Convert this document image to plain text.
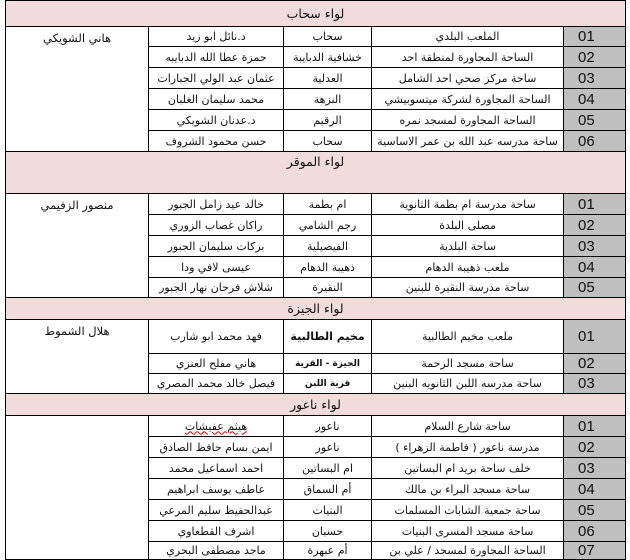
لواء سحاب				
01	الملعب البلدي	سحاب	د.نائل ابو زيد	هاني الشويكي
02	الساحة المجاورة لمنطقة احد	خشافية الدبايبة	حمزة عطا الله الدبايبه	
03	ساحة مركز صحي احد الشامل	العدلية	عثمان عبد الولي الجبارات	
04	الساحة المجاورة لشركة ميتسوبيشي	النزهة	محمد سليمان الغلبان	
05	الساحة المجاورة لمسجد نمره	الرقيم	د.عدنان الشويكي	
06	ساحة مدرسه عبد الله بن عمر الاساسية	سحاب	حسن محمود الشروف	
لواء الموقر				
01	ساحة مدرسة ام بطمة الثانوية	ام بطمة	خالد عيد زامل الجبور	منصور الزفيمي
02	مصلى البلدة	رجم الشامي	راكان غصاب الزوري	
03	ساحة البلدية	الفيصيلية	بركات سليمان الجبور	
04	ملعب ذهيبة الدهام	ذهيبة الدهام	عيسى لافي ودا	
05	ساحة مدرسة النقيرة للبنين	النقيرة	شلاش فرحان نهار الجبور	
لواء الجيزة				
01	ملعب مخيم الطالبية	مخيم الطالبية	فهد محمد ابو شارب	هلال الشموط
02	ساحة مسجد الرحمة	الجيزة - القرية	هاني مفلح العنزي	
03	ساحة مدرسه اللبن الثانويه البنين	قرية اللبن	فيصل خالد محمد المصري	
لواء ناعور				
01	ساحة شارع السلام	ناعور	هيثم عفيشات	
02	مدرسة ناعور ( فاطمة الزهراء )	ناعور	ايمن بسام حافظ الصادق	
03	خلف ساحة بريد ام البساتين	ام البساتين	احمد اسماعيل محمد	
04	ساحة مسجد البراء بن مالك	أم السماق	عاطف يوسف ابراهيم	
05	ساحة جمعية الشابات المسلمات	البنيات	عبدالحفيظ سليم المرعي	
06	ساحة مسجد المسرى البنيات	حسبان	اشرف القطعاوي	
07	الساحة المجاورة لمسجد / علي بن	أم عبهرة	ماجد مصطفى البحري	
